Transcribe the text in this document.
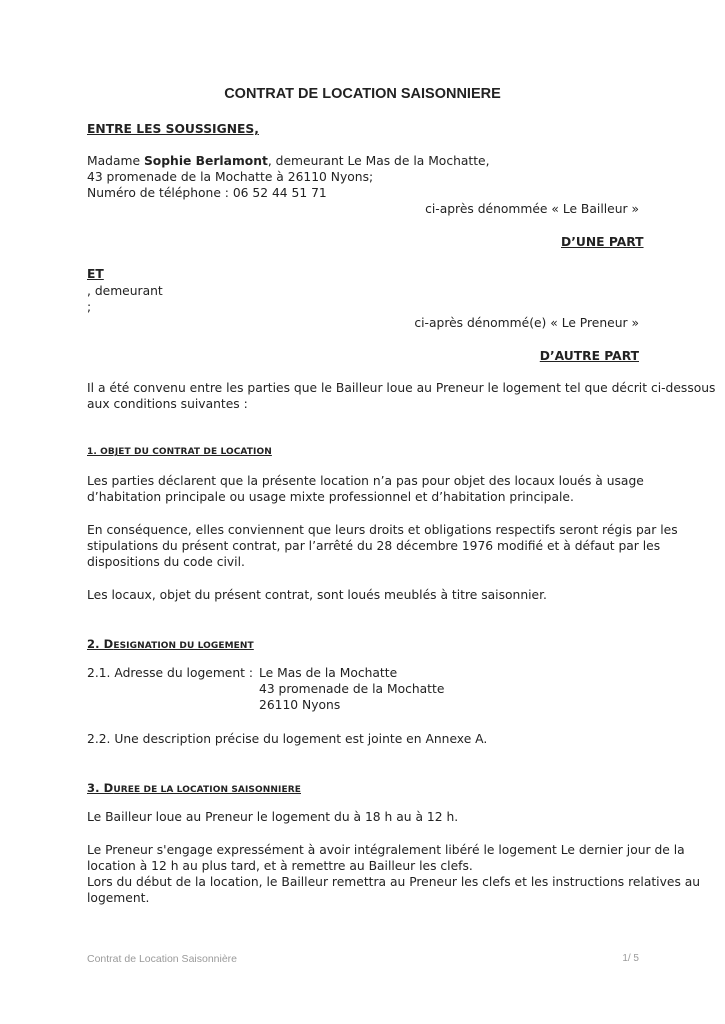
CONTRAT DE LOCATION SAISONNIERE
ENTRE LES SOUSSIGNES,
Madame Sophie Berlamont, demeurant Le Mas de la Mochatte,
43 promenade de la Mochatte à 26110 Nyons;
Numéro de téléphone : 06 52 44 51 71
ci-après dénommée « Le Bailleur »
D’UNE PART
ET
, demeurant
;
ci-après dénommé(e) « Le Preneur »
D’AUTRE PART
Il a été convenu entre les parties que le Bailleur loue au Preneur le logement tel que décrit ci-dessous
aux conditions suivantes :
1. OBJET DU CONTRAT DE LOCATION
Les parties déclarent que la présente location n’a pas pour objet des locaux loués à usage
d’habitation principale ou usage mixte professionnel et d’habitation principale.
En conséquence, elles conviennent que leurs droits et obligations respectifs seront régis par les
stipulations du présent contrat, par l’arrêté du 28 décembre 1976 modifié et à défaut par les
dispositions du code civil.
Les locaux, objet du présent contrat, sont loués meublés à titre saisonnier.
2. DESIGNATION DU LOGEMENT
2.1. Adresse du logement : Le Mas de la Mochatte
43 promenade de la Mochatte
26110 Nyons
2.2. Une description précise du logement est jointe en Annexe A.
3. DUREE DE LA LOCATION SAISONNIERE
Le Bailleur loue au Preneur le logement du à 18 h au à 12 h.
Le Preneur s'engage expressément à avoir intégralement libéré le logement Le dernier jour de la
location à 12 h au plus tard, et à remettre au Bailleur les clefs.
Lors du début de la location, le Bailleur remettra au Preneur les clefs et les instructions relatives au
logement.
Contrat de Location Saisonnière	1/ 5
